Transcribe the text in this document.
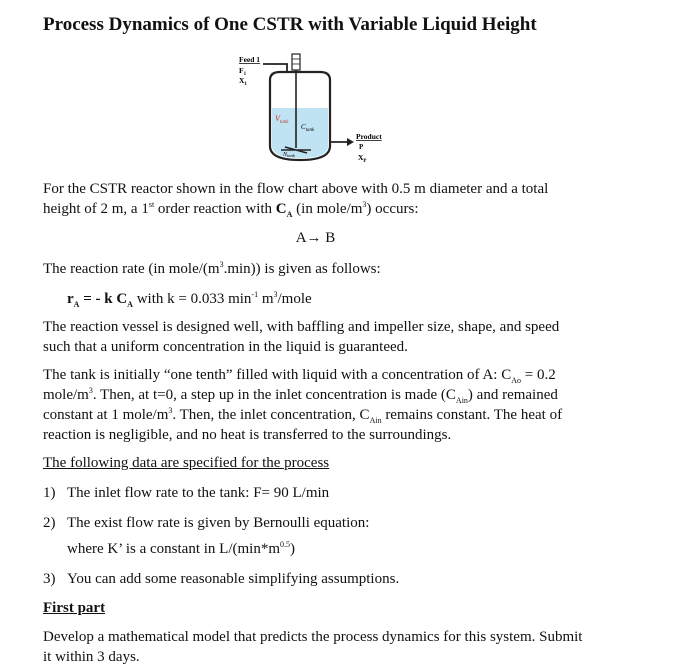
Process Dynamics of One CSTR with Variable Liquid Height
Feed 1
$F_1$
$X_1$
$V_{tank}$
$C_{tank}$
Ntank
Product
P
$X_P$

For the CSTR reactor shown in the flow chart above with 0.5 m diameter and a total height of 2 m, a 1st order reaction with $C_A$ (in mole/$m^3$) occurs:

A→ B

The reaction rate (in mole/$(m^3.\min)$) is given as follows:

$r_A$ = - k $C_A$ with k = 0.033 $\min^{-1}$ $m^3$/mole

The reaction vessel is designed well, with baffling and impeller size, shape, and speed such that a uniform concentration in the liquid is guaranteed.

The tank is initially “one tenth” filled with liquid with a concentration of A: $C_{Ao} = 0.2$ mole/$m^3$. Then, at t=0, a step up in the inlet concentration is made $(C_{Ain})$ and remained constant at 1 mole/$m^3$. Then, the inlet concentration, $C_{Ain}$ remains constant. The heat of reaction is negligible, and no heat is transferred to the surroundings.

The following data are specified for the process

1) The inlet flow rate to the tank: F= 90 L/min

2) The exist flow rate is given by Bernoulli equation:

where K’ is a constant in $L/(\min*m^{0.5})$

3) You can add some reasonable simplifying assumptions.

First part

Develop a mathematical model that predicts the process dynamics for this system. Submit it within 3 days.
